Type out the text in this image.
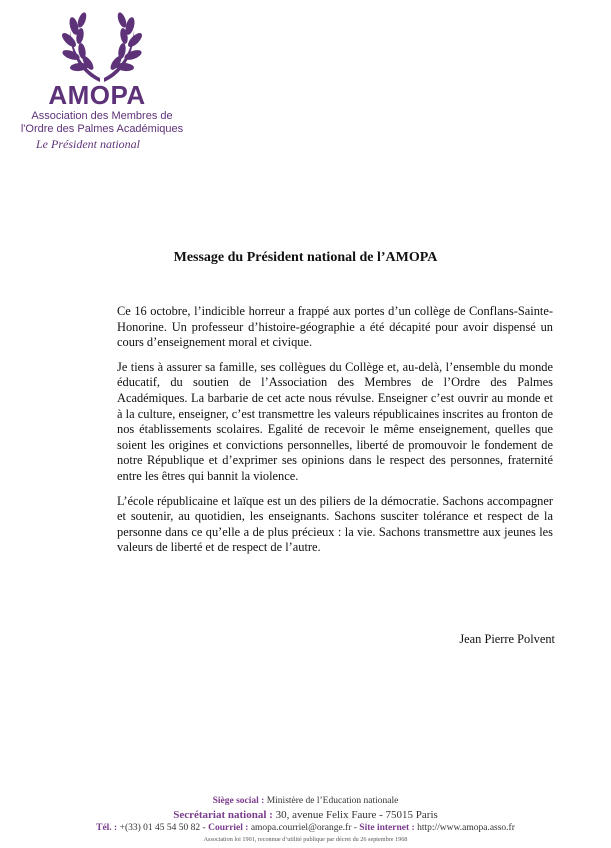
AMOPA
Association des Membres de
l'Ordre des Palmes Académiques
Le Président national
Message du Président national de l’AMOPA

Ce 16 octobre, l’indicible horreur a frappé aux portes d’un collège de Conflans-Sainte-Honorine. Un professeur d’histoire-géographie a été décapité pour avoir dispensé un cours d’enseignement moral et civique.

Je tiens à assurer sa famille, ses collègues du Collège et, au-delà, l’ensemble du monde éducatif, du soutien de l’Association des Membres de l’Ordre des Palmes Académiques. La barbarie de cet acte nous révulse. Enseigner c’est ouvrir au monde et à la culture, enseigner, c’est transmettre les valeurs républicaines inscrites au fronton de nos établissements scolaires. Egalité de recevoir le même enseignement, quelles que soient les origines et convictions personnelles, liberté de promouvoir le fondement de notre République et d’exprimer ses opinions dans le respect des personnes, fraternité entre les êtres qui bannit la violence.

L’école républicaine et laïque est un des piliers de la démocratie. Sachons accompagner et soutenir, au quotidien, les enseignants. Sachons susciter tolérance et respect de la personne dans ce qu’elle a de plus précieux : la vie. Sachons transmettre aux jeunes les valeurs de liberté et de respect de l’autre.

Jean Pierre Polvent
Siège social : Ministère de l’Education nationale
Secrétariat national : 30, avenue Felix Faure - 75015 Paris
Tél. : +(33) 01 45 54 50 82 - Courriel : amopa.courriel@orange.fr - Site internet : http://www.amopa.asso.fr
Association loi 1901, reconnue d’utilité publique par décret du 26 septembre 1968
